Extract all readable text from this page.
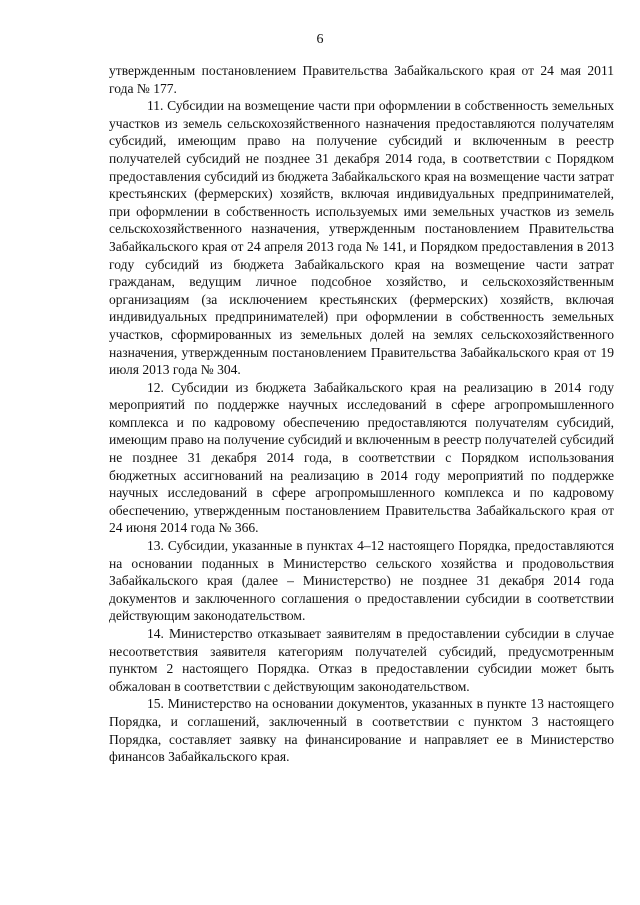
6

утвержденным постановлением Правительства Забайкальского края от 24 мая 2011 года № 177.

11. Субсидии на возмещение части при оформлении в собственность земельных участков из земель сельскохозяйственного назначения предоставляются получателям субсидий, имеющим право на получение субсидий и включенным в реестр получателей субсидий не позднее 31 декабря 2014 года, в соответствии с Порядком предоставления субсидий из бюджета Забайкальского края на возмещение части затрат крестьянских (фермерских) хозяйств, включая индивидуальных предпринимателей, при оформлении в собственность используемых ими земельных участков из земель сельскохозяйственного назначения, утвержденным постановлением Правительства Забайкальского края от 24 апреля 2013 года № 141, и Порядком предоставления в 2013 году субсидий из бюджета Забайкальского края на возмещение части затрат гражданам, ведущим личное подсобное хозяйство, и сельскохозяйственным организациям (за исключением крестьянских (фермерских) хозяйств, включая индивидуальных предпринимателей) при оформлении в собственность земельных участков, сформированных из земельных долей на землях сельскохозяйственного назначения, утвержденным постановлением Правительства Забайкальского края от 19 июля 2013 года № 304.

12. Субсидии из бюджета Забайкальского края на реализацию в 2014 году мероприятий по поддержке научных исследований в сфере агропромышленного комплекса и по кадровому обеспечению предоставляются получателям субсидий, имеющим право на получение субсидий и включенным в реестр получателей субсидий не позднее 31 декабря 2014 года, в соответствии с Порядком использования бюджетных ассигнований на реализацию в 2014 году мероприятий по поддержке научных исследований в сфере агропромышленного комплекса и по кадровому обеспечению, утвержденным постановлением Правительства Забайкальского края от 24 июня 2014 года № 366.

13. Субсидии, указанные в пунктах 4–12 настоящего Порядка, предоставляются на основании поданных в Министерство сельского хозяйства и продовольствия Забайкальского края (далее – Министерство) не позднее 31 декабря 2014 года документов и заключенного соглашения о предоставлении субсидии в соответствии действующим законодательством.

14. Министерство отказывает заявителям в предоставлении субсидии в случае несоответствия заявителя категориям получателей субсидий, предусмотренным пунктом 2 настоящего Порядка. Отказ в предоставлении субсидии может быть обжалован в соответствии с действующим законодательством.

15. Министерство на основании документов, указанных в пункте 13 настоящего Порядка, и соглашений, заключенный в соответствии с пунктом 3 настоящего Порядка, составляет заявку на финансирование и направляет ее в Министерство финансов Забайкальского края.
